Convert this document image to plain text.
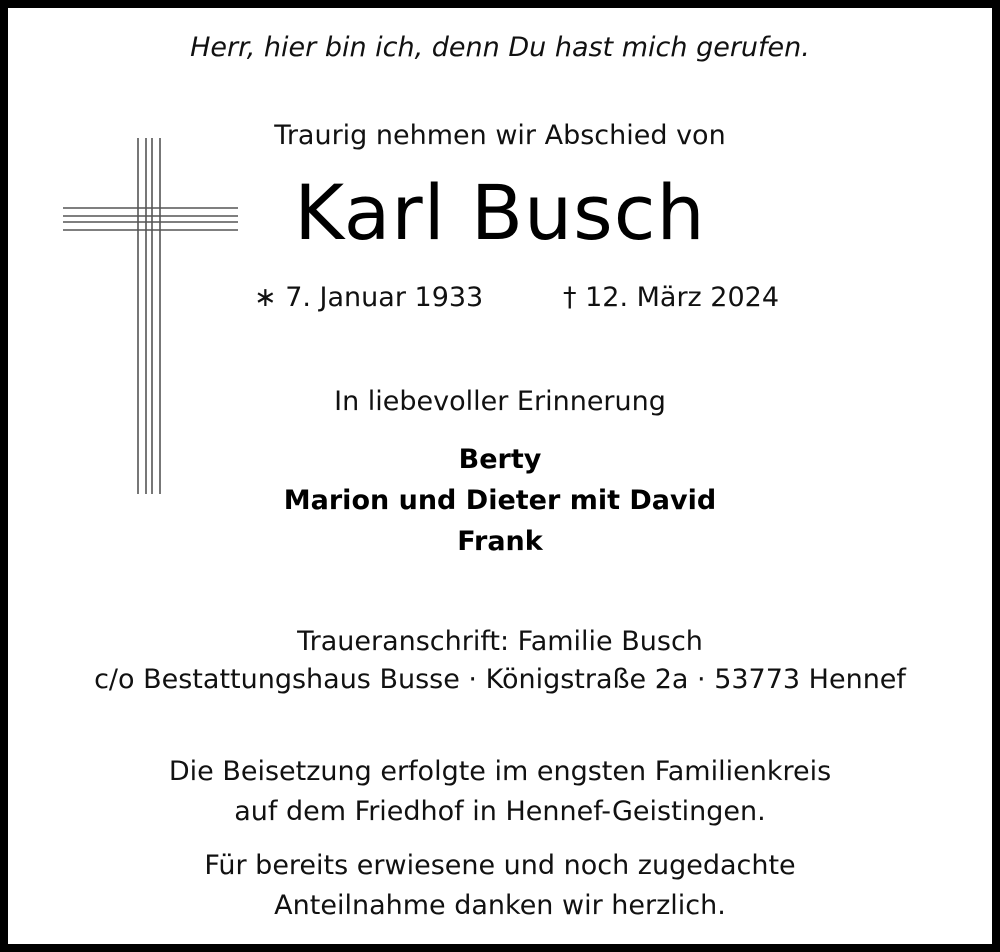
Herr, hier bin ich, denn Du hast mich gerufen.
Traurig nehmen wir Abschied von
Karl Busch
∗ 7. Januar 1933	† 12. März 2024
In liebevoller Erinnerung
Berty
Marion und Dieter mit David
Frank
Traueranschrift: Familie Busch
c/o Bestattungshaus Busse · Königstraße 2a · 53773 Hennef
Die Beisetzung erfolgte im engsten Familienkreis
auf dem Friedhof in Hennef-Geistingen.
Für bereits erwiesene und noch zugedachte
Anteilnahme danken wir herzlich.
